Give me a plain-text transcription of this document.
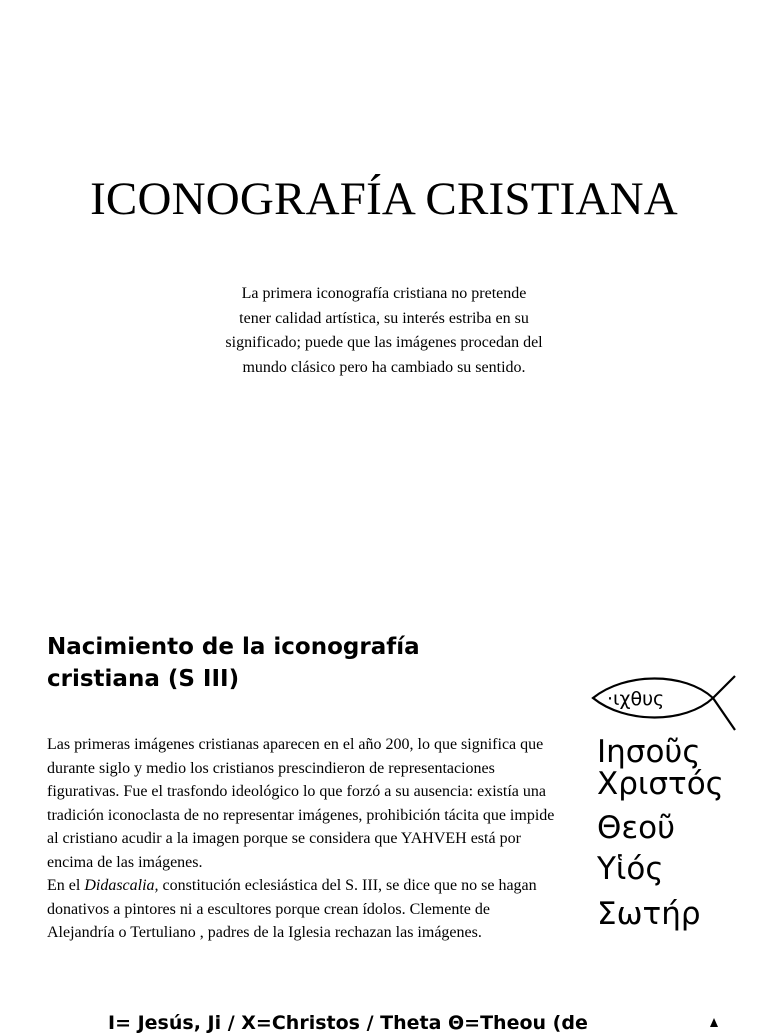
ICONOGRAFÍA CRISTIANA
La primera iconografía cristiana no pretende
tener calidad artística, su interés estriba en su
significado; puede que las imágenes procedan del
mundo clásico pero ha cambiado su sentido.
Nacimiento de la iconografía
cristiana (S III)

Las primeras imágenes cristianas aparecen en el año 200, lo que significa que durante siglo y medio los cristianos prescindieron de representaciones figurativas. Fue el trasfondo ideológico lo que forzó a su ausencia: existía una tradición iconoclasta de no representar imágenes, prohibición tácita que impide al cristiano acudir a la imagen porque se considera que YAHVEH está por encima de las imágenes.

En el Didascalia, constitución eclesiástica del S. III, se dice que no se hagan donativos a pintores ni a escultores porque crean ídolos. Clemente de Alejandría o Tertuliano , padres de la Iglesia rechazan las imágenes.

I= Jesús, Ji / X=Christos / Theta Θ=Theou (de
·ιχθυς
Ιησοῦς
Χριστός
Θεοῦ
Υἱός
Σωτήρ
